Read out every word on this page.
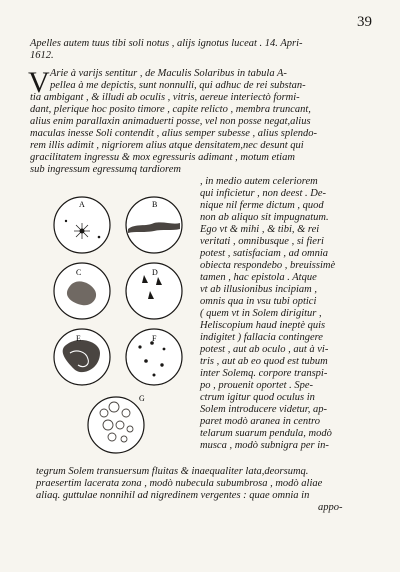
39
Apelles autem tuus tibi soli notus , alijs ignotus luceat . 14. Apri-
1612.
V Arie à varijs sentitur , de Maculis Solaribus in tabula A-
pellea à me depictis, sunt nonnulli, qui adhuc de rei substan-
tia ambigant , & illudi ab oculis , vitris, aereue interiectò formi-
dant, plerique hoc posito timore , capite relicto , membra truncant,
alius enim parallaxin animaduerti posse, vel non posse negat,alius
maculas inesse Soli contendit , alius semper subesse , alius splendo-
rem illis adimit , nigriorem alius atque densitatem,nec desunt qui
gracilitatem ingressu & mox egressuris adimant , motum etiam
sub ingressum egressumq tardiorem
, in medio autem celeriorem
qui inficietur , non deest . De-
nique nil ferme dictum , quod
non ab aliquo sit impugnatum.
Ego vt & mihi , & tibi, & rei
veritati , omnibusque , si fieri
potest , satisfaciam , ad omnia
obiecta respondebo , breuissimè
tamen , hac epistola . Atque
vt ab illusionibus incipiam ,
omnis qua in vsu tubi optici
( quem vt in Solem dirigitur ,
Heliscopium haud ineptè quis
indigitet ) fallacia contingere
potest , aut ab oculo , aut à vi-
tris , aut ab eo quod est tubum
inter Solemq. corpore transpi-
po , prouenit oportet . Spe-
ctrum igitur quod oculus in
Solem introducere videtur, ap-
paret modò aranea in centro
telarum suarum pendula, modò
musca , modò subnigra per in-
tegrum Solem transuersum fluitas & inaequaliter lata,deorsumq.
praesertim lacerata zona , modò nubecula subumbrosa , modò aliae
aliaq. guttulae nonnihil ad nigredinem vergentes : quae omnia in
appo-
A	B
C	D
E	F
G
